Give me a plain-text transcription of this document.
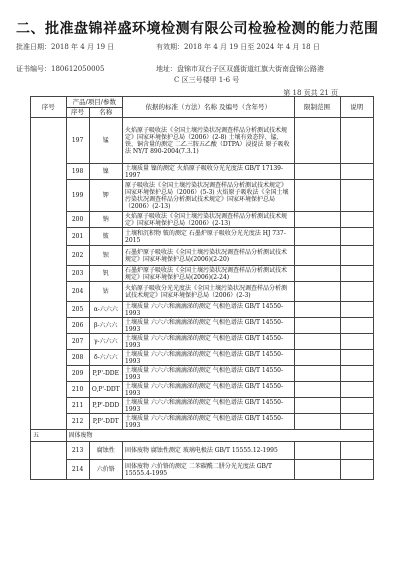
二、批准盘锦祥盛环境检测有限公司检验检测的能力范围
批准日期：2018 年 4 月 19 日	有效期：2018 年 4 月 19 日至 2024 年 4 月 18 日
证书编号：180612050005	地址：盘锦市双台子区双盛街道红旗大街南盘锦公路港
C 区三号楼甲 1-6 号
第 18 页共 21 页
序号	产品/项目/参数		依据的标准（方法）名称 及编号（含年号）	限制范围	说明
	序号	名称			
	197	锰	火焰原子吸收法《全国土壤污染状况调查样品分析测试技术规定》国家环境保护总局（2006）(2-8) 土壤有效态锌、锰、铁、铜含量的测定 二乙三胺五乙酸（DTPA）浸提法 原子吸收法 NY/T 890-2004(7.3.1)		
	198	镍	土壤质量 镍的测定 火焰原子吸收分光光度法 GB/T 17139-1997		
	199	钾	原子吸收法《全国土壤污染状况调查样品分析测试技术规定》国家环境保护总局（2006）(5-3) 火焰原子吸收法《全国土壤污染状况调查样品分析测试技术规定》国家环境保护总局（2006）(2-13)		
	200	钠	火焰原子吸收法《全国土壤污染状况调查样品分析测试技术规定》国家环境保护总局（2006）(2-13)		
	201	铍	土壤和沉积物 铍的测定 石墨炉原子吸收分光光度法 HJ 737-2015		
	202	钡	石墨炉原子吸收法《全国土壤污染状况调查样品分析测试技术规定》国家环境保护总局(2006)(2-20)		
	203	钒	石墨炉原子吸收法《全国土壤污染状况调查样品分析测试技术规定》国家环境保护总局(2006)(2-24)		
	204	钴	火焰原子吸收分光光度法《全国土壤污染状况调查样品分析测试技术规定》国家环境保护总局（2006）(2-3)		
	205	α-六六六	土壤质量 六六六和滴滴涕的测定 气相色谱法 GB/T 14550-1993		
	206	β-六六六	土壤质量 六六六和滴滴涕的测定 气相色谱法 GB/T 14550-1993		
	207	γ-六六六	土壤质量 六六六和滴滴涕的测定 气相色谱法 GB/T 14550-1993		
	208	δ-六六六	土壤质量 六六六和滴滴涕的测定 气相色谱法 GB/T 14550-1993		
	209	P,P'-DDE	土壤质量 六六六和滴滴涕的测定 气相色谱法 GB/T 14550-1993		
	210	O,P'-DDT	土壤质量 六六六和滴滴涕的测定 气相色谱法 GB/T 14550-1993		
	211	P,P'-DDD	土壤质量 六六六和滴滴涕的测定 气相色谱法 GB/T 14550-1993		
	212	P,P'-DDT	土壤质量 六六六和滴滴涕的测定 气相色谱法 GB/T 14550-1993		
五	固体废物				
	213	腐蚀性	固体废物 腐蚀性测定 玻璃电极法 GB/T 15555.12-1995		
	214	六价铬	固体废物 六价铬的测定 二苯碳酰二肼分光光度法 GB/T 15555.4-1995		
